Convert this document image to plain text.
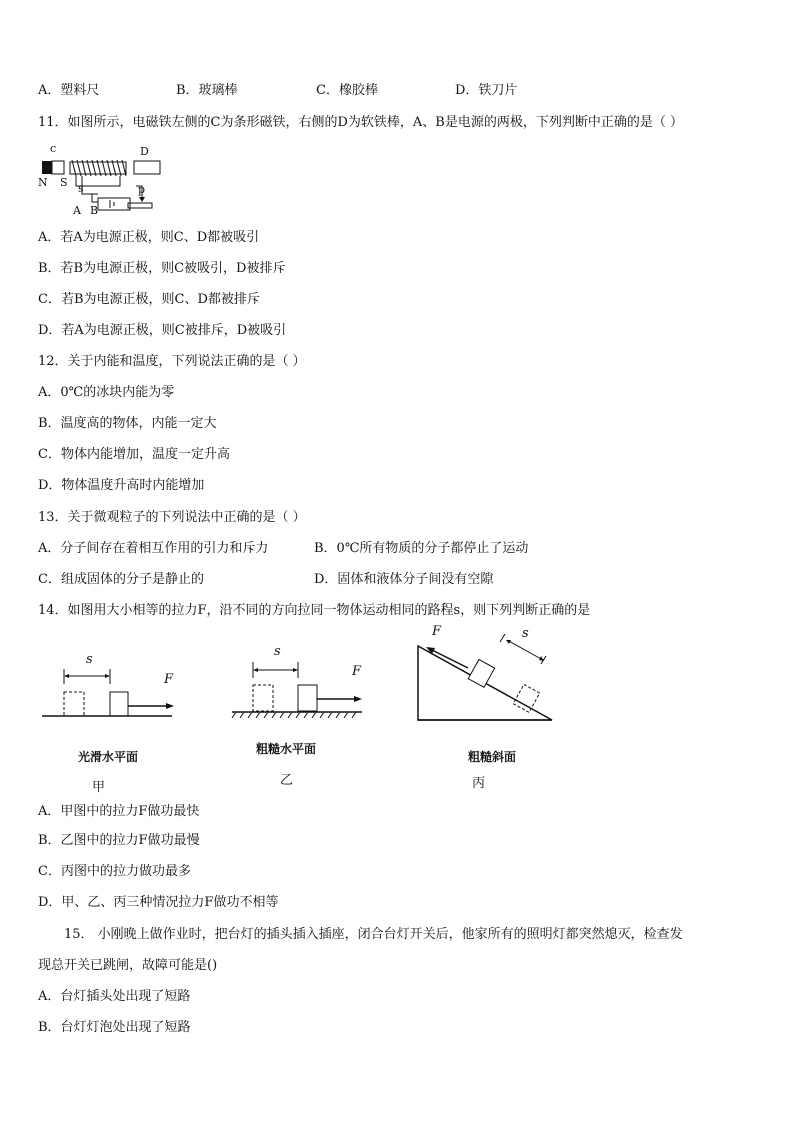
A．塑料尺	B．玻璃棒	C．橡胶棒	D．铁刀片
11．如图所示，电磁铁左侧的C为条形磁铁，右侧的D为软铁棒，A、B是电源的两极，下列判断中正确的是（ ）
c	D
N S s	p
A B
A．若A为电源正极，则C、D都被吸引
B．若B为电源正极，则C被吸引，D被排斥
C．若B为电源正极，则C、D都被排斥
D．若A为电源正极，则C被排斥，D被吸引
12．关于内能和温度，下列说法正确的是（ ）
A．0℃的冰块内能为零
B．温度高的物体，内能一定大
C．物体内能增加，温度一定升高
D．物体温度升高时内能增加
13．关于微观粒子的下列说法中正确的是（ ）
A．分子间存在着相互作用的引力和斥力	B．0℃所有物质的分子都停止了运动
C．组成固体的分子是静止的	D．固体和液体分子间没有空隙
14．如图用大小相等的拉力F，沿不同的方向拉同一物体运动相同的路程s，则下列判断正确的是
s
F
光滑水平面
甲
s
F
粗糙水平面
乙
F	s
粗糙斜面
丙
A．甲图中的拉力F做功最快
B．乙图中的拉力F做功最慢
C．丙图中的拉力做功最多
D．甲、乙、丙三种情况拉力F做功不相等
15． 小刚晚上做作业时，把台灯的插头插入插座，闭合台灯开关后，他家所有的照明灯都突然熄灭，检查发
现总开关已跳闸，故障可能是()
A．台灯插头处出现了短路
B．台灯灯泡处出现了短路
